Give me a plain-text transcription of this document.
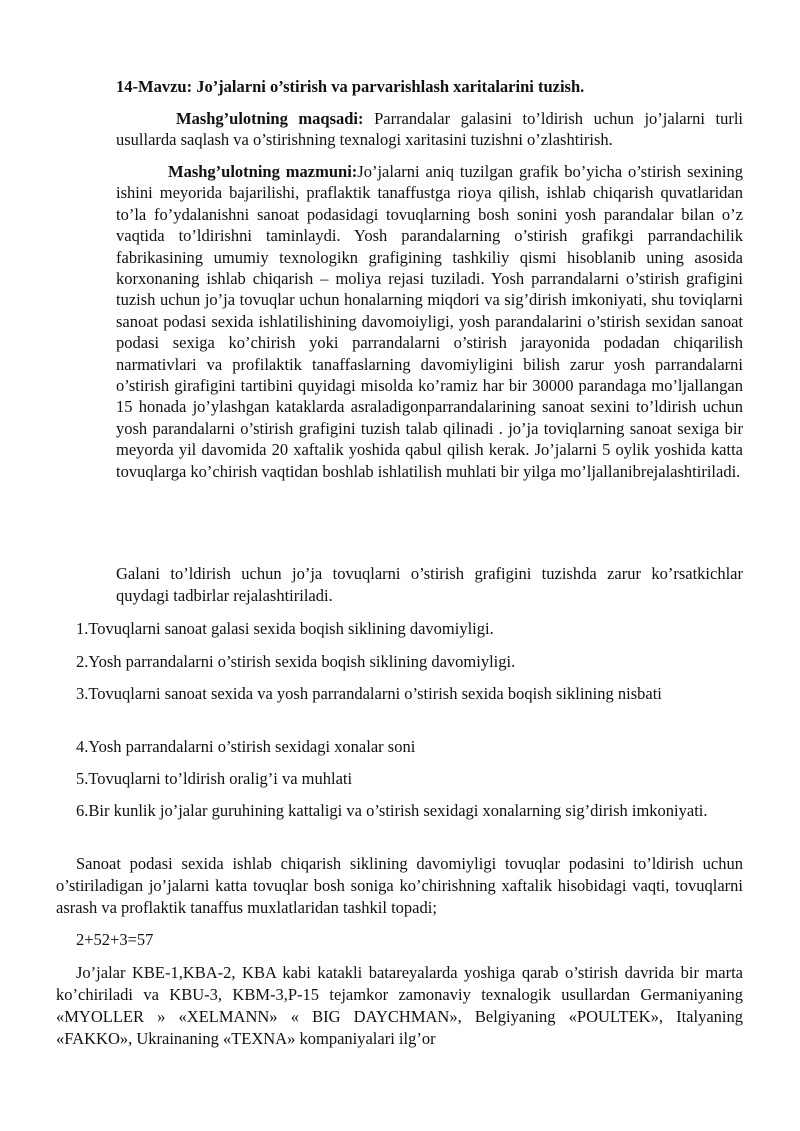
14-Mavzu: Jo’jalarni o’stirish va parvarishlash xaritalarini tuzish.

Mashg’ulotning maqsadi: Parrandalar galasini to’ldirish uchun jo’jalarni turli usullarda saqlash va o’stirishning texnalogi xaritasini tuzishni o’zlashtirish.

Mashg’ulotning mazmuni:Jo’jalarni aniq tuzilgan grafik bo’yicha o’stirish sexining ishini meyorida bajarilishi, praflaktik tanaffustga rioya qilish, ishlab chiqarish quvatlaridan to’la fo’ydalanishni sanoat podasidagi tovuqlarning bosh sonini yosh parandalar bilan o’z vaqtida to’ldirishni taminlaydi. Yosh parandalarning o’stirish grafikgi parrandachilik fabrikasining umumiy texnologikn grafigining tashkiliy qismi hisoblanib uning asosida korxonaning ishlab chiqarish – moliya rejasi tuziladi. Yosh parrandalarni o’stirish grafigini tuzish uchun jo’ja tovuqlar uchun honalarning miqdori va sig’dirish imkoniyati, shu toviqlarni sanoat podasi sexida ishlatilishining davomoiyligi, yosh parandalarini o’stirish sexidan sanoat podasi sexiga ko’chirish yoki parrandalarni o’stirish jarayonida podadan chiqarilish narmativlari va profilaktik tanaffaslarning davomiyligini bilish zarur yosh parrandalarni o’stirish girafigini tartibini quyidagi misolda ko’ramiz har bir 30000 parandaga mo’ljallangan 15 honada jo’ylashgan kataklarda asraladigonparrandalarining sanoat sexini to’ldirish uchun yosh parandalarni o’stirish grafigini tuzish talab qilinadi . jo’ja toviqlarning sanoat sexiga bir meyorda yil davomida 20 xaftalik yoshida qabul qilish kerak. Jo’jalarni 5 oylik yoshida katta tovuqlarga ko’chirish vaqtidan boshlab ishlatilish muhlati bir yilga mo’ljallanibrejalashtiriladi.

Galani to’ldirish uchun jo’ja tovuqlarni o’stirish grafigini tuzishda zarur ko’rsatkichlar quydagi tadbirlar rejalashtiriladi.

1.Tovuqlarni sanoat galasi sexida boqish siklining davomiyligi.

2.Yosh parrandalarni o’stirish sexida boqish siklining davomiyligi.

3.Tovuqlarni sanoat sexida va yosh parrandalarni o’stirish sexida boqish siklining nisbati

4.Yosh parrandalarni o’stirish sexidagi xonalar soni

5.Tovuqlarni to’ldirish oralig’i va muhlati

6.Bir kunlik jo’jalar guruhining kattaligi va o’stirish sexidagi xonalarning sig’dirish imkoniyati.

Sanoat podasi sexida ishlab chiqarish siklining davomiyligi tovuqlar podasini to’ldirish uchun o’stiriladigan jo’jalarni katta tovuqlar bosh soniga ko’chirishning xaftalik hisobidagi vaqti, tovuqlarni asrash va proflaktik tanaffus muxlatlaridan tashkil topadi;

2+52+3=57

Jo’jalar KBE-1,KBA-2, KBA kabi katakli batareyalarda yoshiga qarab o’stirish davrida bir marta ko’chiriladi va KBU-3, KBM-3,P-15 tejamkor zamonaviy texnalogik usullardan Germaniyaning «MYOLLER » «XELMANN» « BIG DAYCHMAN», Belgiyaning «POULTEK», Italyaning «FAKKO», Ukrainaning «TEXNA» kompaniyalari ilg’or
